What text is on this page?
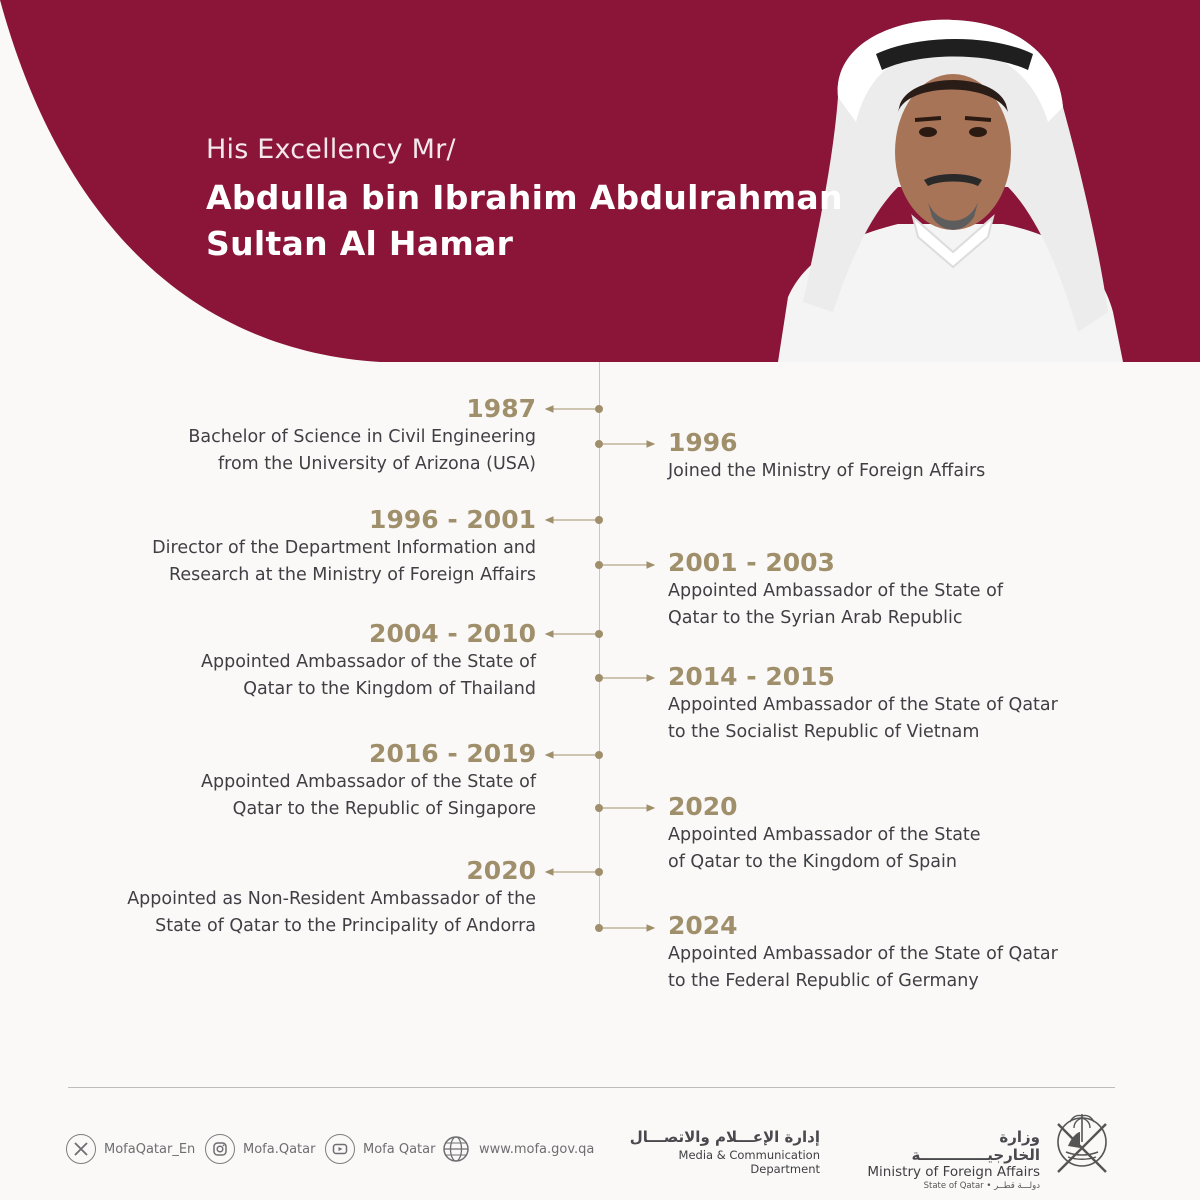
His Excellency Mr/
Abdulla bin Ibrahim Abdulrahman
Sultan Al Hamar
1987
Bachelor of Science in Civil Engineering
from the University of Arizona (USA)
1996 - 2001
Director of the Department Information and
Research at the Ministry of Foreign Affairs
2004 - 2010
Appointed Ambassador of the State of
Qatar to the Kingdom of Thailand
2016 - 2019
Appointed Ambassador of the State of
Qatar to the Republic of Singapore
2020
Appointed as Non-Resident Ambassador of the
State of Qatar to the Principality of Andorra
1996
Joined the Ministry of Foreign Affairs
2001 - 2003
Appointed Ambassador of the State of
Qatar to the Syrian Arab Republic
2014 - 2015
Appointed Ambassador of the State of Qatar
to the Socialist Republic of Vietnam
2020
Appointed Ambassador of the State
of Qatar to the Kingdom of Spain
2024
Appointed Ambassador of the State of Qatar
to the Federal Republic of Germany
MofaQatar_En	Mofa.Qatar	Mofa Qatar	www.mofa.gov.qa
إدارة الإعـــلام والاتصـــال
Media & Communication Department
وزارة الخارجيـــــــــــــة
Ministry of Foreign Affairs
State of Qatar • دولـــة قطــر
